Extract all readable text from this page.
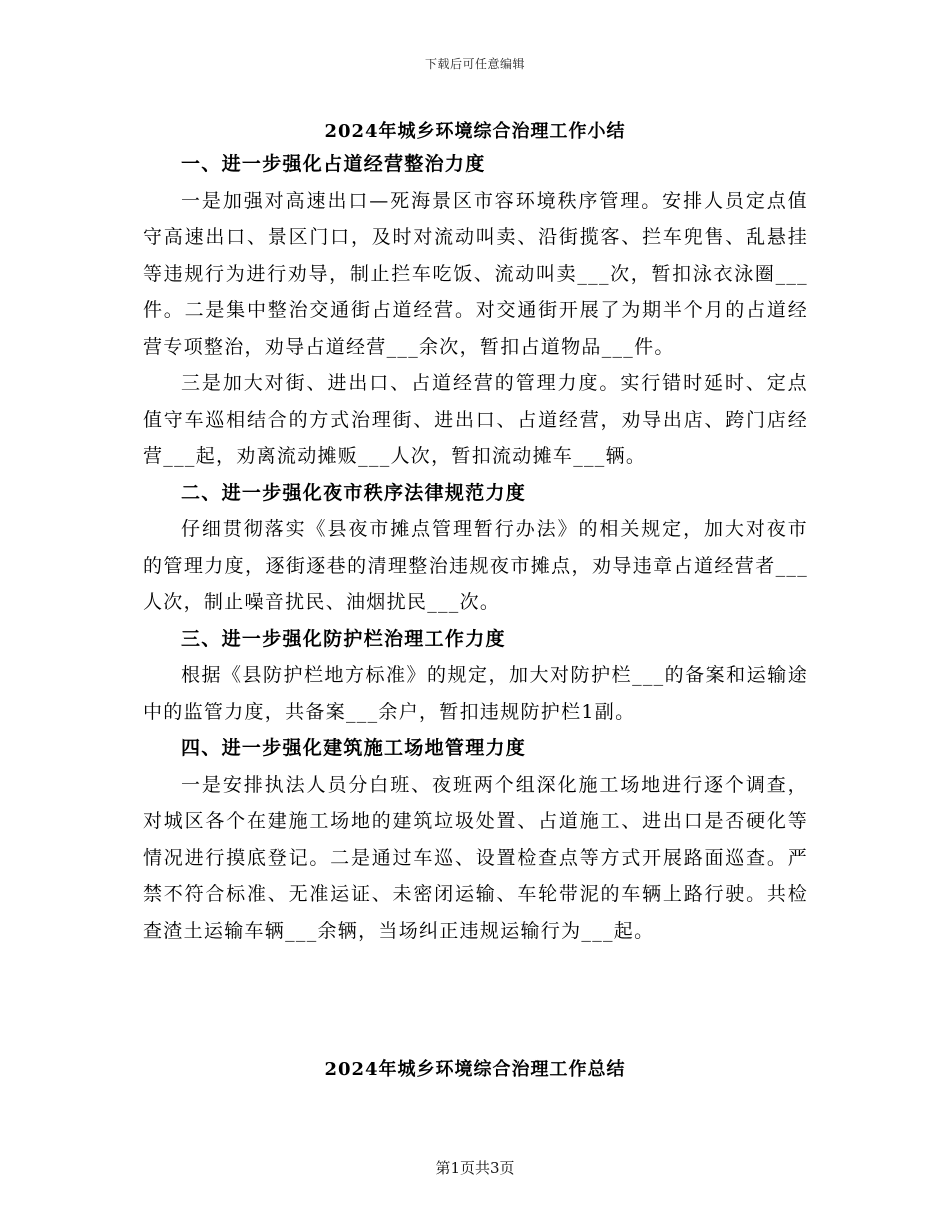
下载后可任意编辑
2024年城乡环境综合治理工作小结
一、进一步强化占道经营整治力度

一是加强对高速出口—死海景区市容环境秩序管理。安排人员定点值守高速出口、景区门口，及时对流动叫卖、沿街揽客、拦车兜售、乱悬挂等违规行为进行劝导，制止拦车吃饭、流动叫卖___次，暂扣泳衣泳圈___件。二是集中整治交通街占道经营。对交通街开展了为期半个月的占道经营专项整治，劝导占道经营___余次，暂扣占道物品___件。

三是加大对街、进出口、占道经营的管理力度。实行错时延时、定点值守车巡相结合的方式治理街、进出口、占道经营，劝导出店、跨门店经营___起，劝离流动摊贩___人次，暂扣流动摊车___辆。

二、进一步强化夜市秩序法律规范力度

仔细贯彻落实《县夜市摊点管理暂行办法》的相关规定，加大对夜市的管理力度，逐街逐巷的清理整治违规夜市摊点，劝导违章占道经营者___人次，制止噪音扰民、油烟扰民___次。

三、进一步强化防护栏治理工作力度

根据《县防护栏地方标准》的规定，加大对防护栏___的备案和运输途中的监管力度，共备案___余户，暂扣违规防护栏1副。

四、进一步强化建筑施工场地管理力度

一是安排执法人员分白班、夜班两个组深化施工场地进行逐个调查，对城区各个在建施工场地的建筑垃圾处置、占道施工、进出口是否硬化等情况进行摸底登记。二是通过车巡、设置检查点等方式开展路面巡查。严禁不符合标准、无准运证、未密闭运输、车轮带泥的车辆上路行驶。共检查渣土运输车辆___余辆，当场纠正违规运输行为___起。

2024年城乡环境综合治理工作总结
第1页共3页
